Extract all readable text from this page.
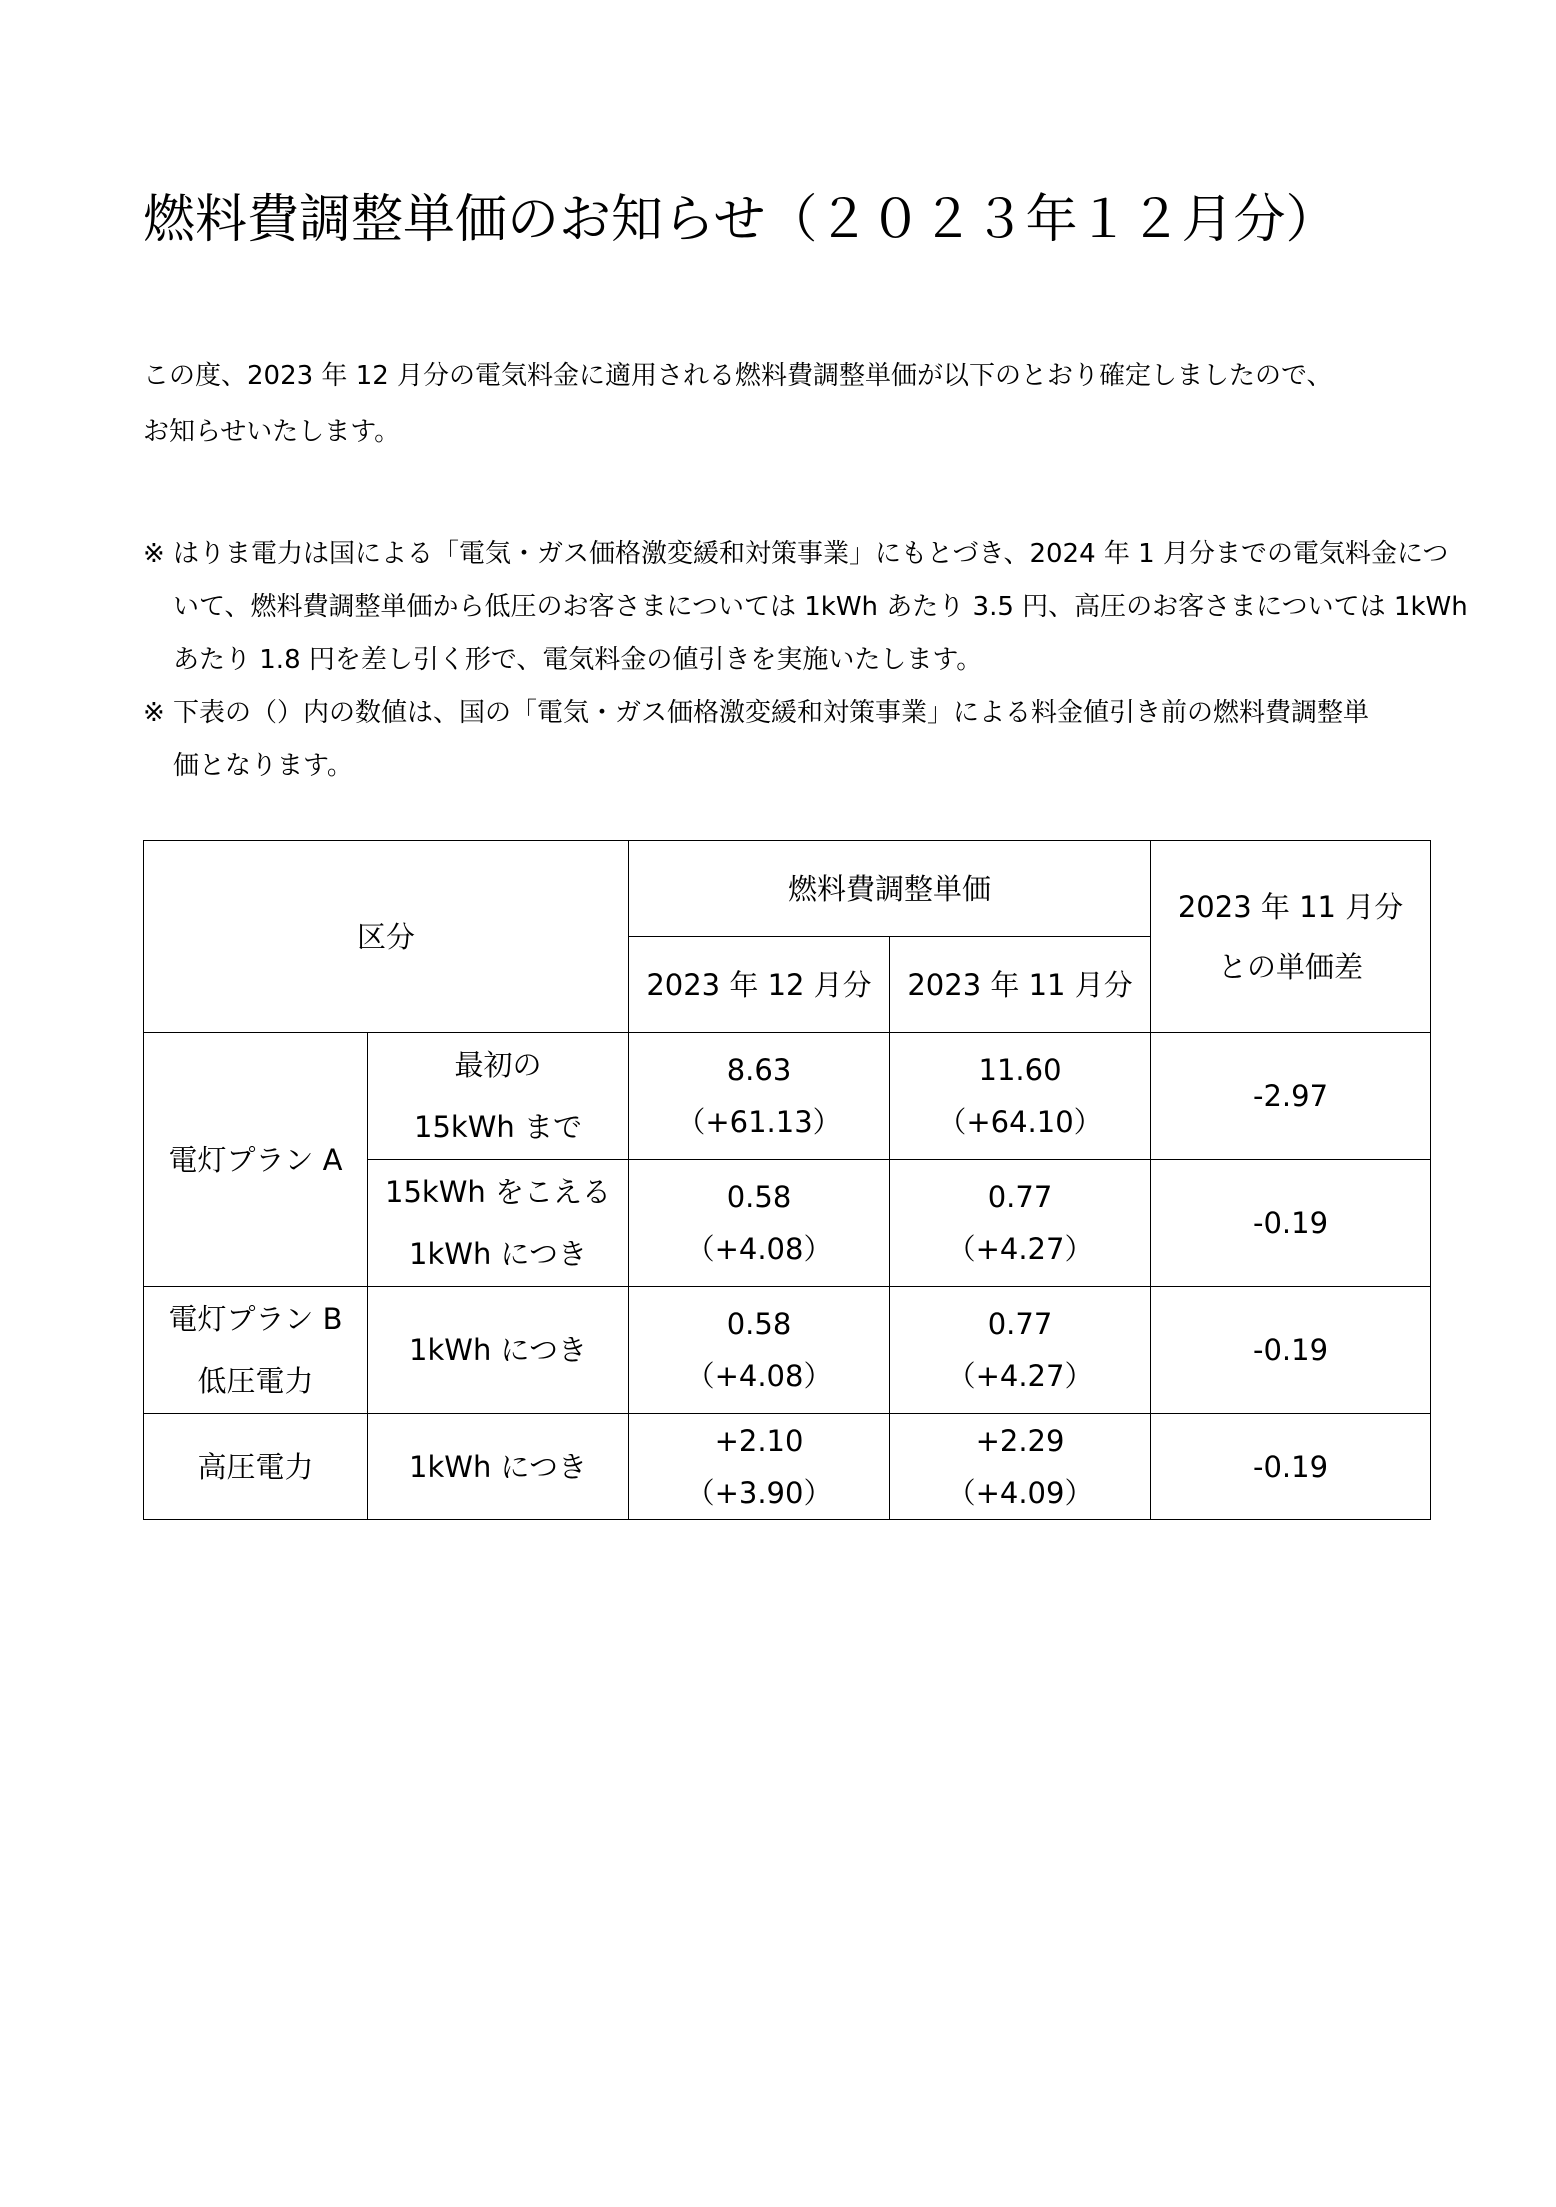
燃料費調整単価のお知らせ（２０２３年１２月分）

この度、2023 年 12 月分の電気料金に適用される燃料費調整単価が以下のとおり確定しましたので、

お知らせいたします。

※ はりま電力は国による「電気・ガス価格激変緩和対策事業」にもとづき、2024 年 1 月分までの電気料金につ
いて、燃料費調整単価から低圧のお客さまについては 1kWh あたり 3.5 円、高圧のお客さまについては 1kWh
あたり 1.8 円を差し引く形で、電気料金の値引きを実施いたします。
※ 下表の（）内の数値は、国の「電気・ガス価格激変緩和対策事業」による料金値引き前の燃料費調整単
価となります。
区分		燃料費調整単価		2023 年 11 月分
との単価差

		2023 年 12 月分	2023 年 11 月分	
電灯プラン A	最初の
15kWh まで	8.63
（+61.13）	11.60
（+64.10）	-2.97

	15kWh をこえる
1kWh につき	0.58
（+4.08）	0.77
（+4.27）	-0.19

電灯プラン B
低圧電力	1kWh につき	0.58
（+4.08）	0.77
（+4.27）	-0.19
高圧電力	1kWh につき	+2.10
（+3.90）	+2.29
（+4.09）	-0.19
